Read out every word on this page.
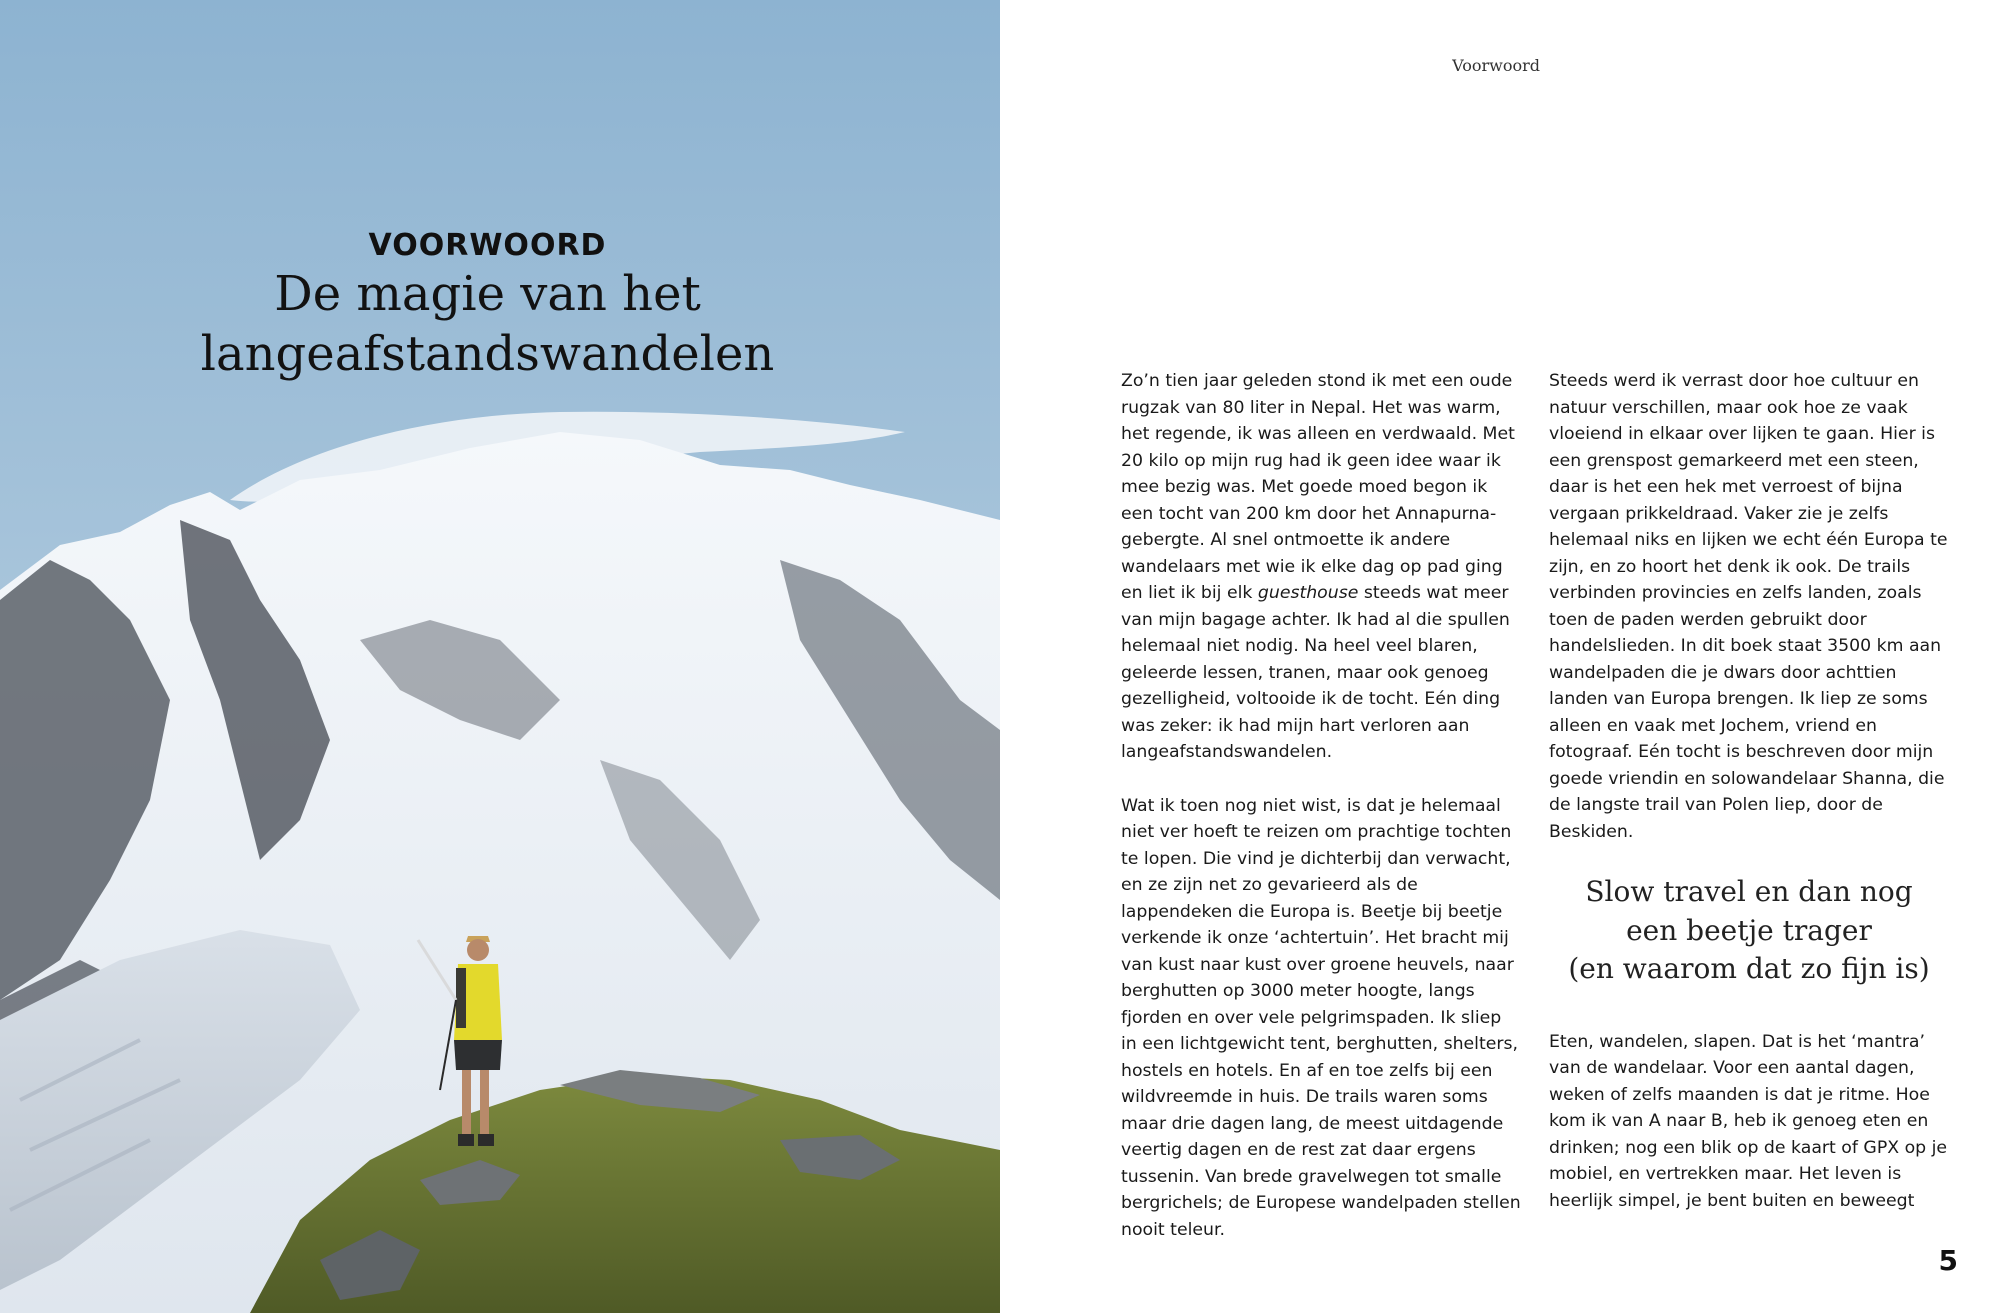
VOORWOORD
De magie van het
langeafstandswandelen
Voorwoord

Zo’n tien jaar geleden stond ik met een oude rugzak van 80 liter in Nepal. Het was warm, het regende, ik was alleen en verdwaald. Met 20 kilo op mijn rug had ik geen idee waar ik mee bezig was. Met goede moed begon ik een tocht van 200 km door het Annapurna-gebergte. Al snel ontmoette ik andere wandelaars met wie ik elke dag op pad ging en liet ik bij elk guesthouse steeds wat meer van mijn bagage achter. Ik had al die spullen helemaal niet nodig. Na heel veel blaren, geleerde lessen, tranen, maar ook genoeg gezelligheid, voltooide ik de tocht. Eén ding was zeker: ik had mijn hart verloren aan langeafstandswandelen.

Wat ik toen nog niet wist, is dat je helemaal niet ver hoeft te reizen om prachtige tochten te lopen. Die vind je dichterbij dan verwacht, en ze zijn net zo gevarieerd als de lappendeken die Europa is. Beetje bij beetje verkende ik onze ‘achtertuin’. Het bracht mij van kust naar kust over groene heuvels, naar berghutten op 3000 meter hoogte, langs fjorden en over vele pelgrimspaden. Ik sliep in een lichtgewicht tent, berghutten, shelters, hostels en hotels. En af en toe zelfs bij een wildvreemde in huis. De trails waren soms maar drie dagen lang, de meest uitdagende veertig dagen en de rest zat daar ergens tussenin. Van brede gravelwegen tot smalle bergrichels; de Europese wandelpaden stellen nooit teleur.

Steeds werd ik verrast door hoe cultuur en natuur verschillen, maar ook hoe ze vaak vloeiend in elkaar over lijken te gaan. Hier is een grenspost gemarkeerd met een steen, daar is het een hek met verroest of bijna vergaan prikkeldraad. Vaker zie je zelfs helemaal niks en lijken we echt één Europa te zijn, en zo hoort het denk ik ook. De trails verbinden provincies en zelfs landen, zoals toen de paden werden gebruikt door handelslieden. In dit boek staat 3500 km aan wandelpaden die je dwars door achttien landen van Europa brengen. Ik liep ze soms alleen en vaak met Jochem, vriend en fotograaf. Eén tocht is beschreven door mijn goede vriendin en solowandelaar Shanna, die de langste trail van Polen liep, door de Beskiden.

Slow travel en dan nog
een beetje trager
(en waarom dat zo fijn is)

Eten, wandelen, slapen. Dat is het ‘mantra’ van de wandelaar. Voor een aantal dagen, weken of zelfs maanden is dat je ritme. Hoe kom ik van A naar B, heb ik genoeg eten en drinken; nog een blik op de kaart of GPX op je mobiel, en vertrekken maar. Het leven is heerlijk simpel, je bent buiten en beweegt

5
